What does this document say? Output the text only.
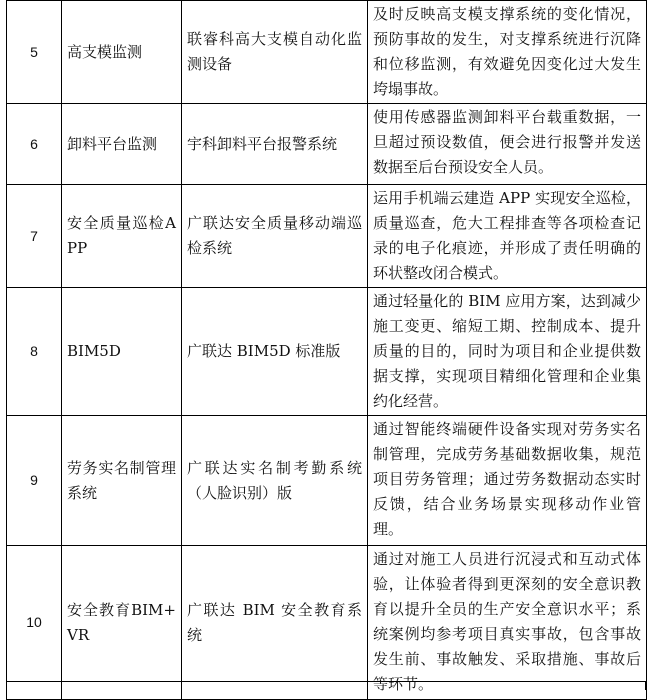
5	高支模监测	联睿科高大支模自动化监测设备	及时反映高支模支撑系统的变化情况，预防事故的发生，对支撑系统进行沉降和位移监测，有效避免因变化过大发生垮塌事故。
6	卸料平台监测	宇科卸料平台报警系统	使用传感器监测卸料平台载重数据，一旦超过预设数值，便会进行报警并发送数据至后台预设安全人员。
7	安全质量巡检APP	广联达安全质量移动端巡检系统	运用手机端云建造 APP 实现安全巡检，质量巡查，危大工程排查等各项检查记录的电子化痕迹，并形成了责任明确的环状整改闭合模式。
8	BIM5D	广联达 BIM5D 标准版	通过轻量化的 BIM 应用方案，达到减少施工变更、缩短工期、控制成本、提升质量的目的，同时为项目和企业提供数据支撑，实现项目精细化管理和企业集约化经营。
9	劳务实名制管理系统	广联达实名制考勤系统（人脸识别）版	通过智能终端硬件设备实现对劳务实名制管理，完成劳务基础数据收集，规范项目劳务管理；通过劳务数据动态实时反馈，结合业务场景实现移动作业管理。
10	安全教育BIM+VR	广联达 BIM 安全教育系统	通过对施工人员进行沉浸式和互动式体验，让体验者得到更深刻的安全意识教育以提升全员的生产安全意识水平；系统案例均参考项目真实事故，包含事故发生前、事故触发、采取措施、事故后等环节。
